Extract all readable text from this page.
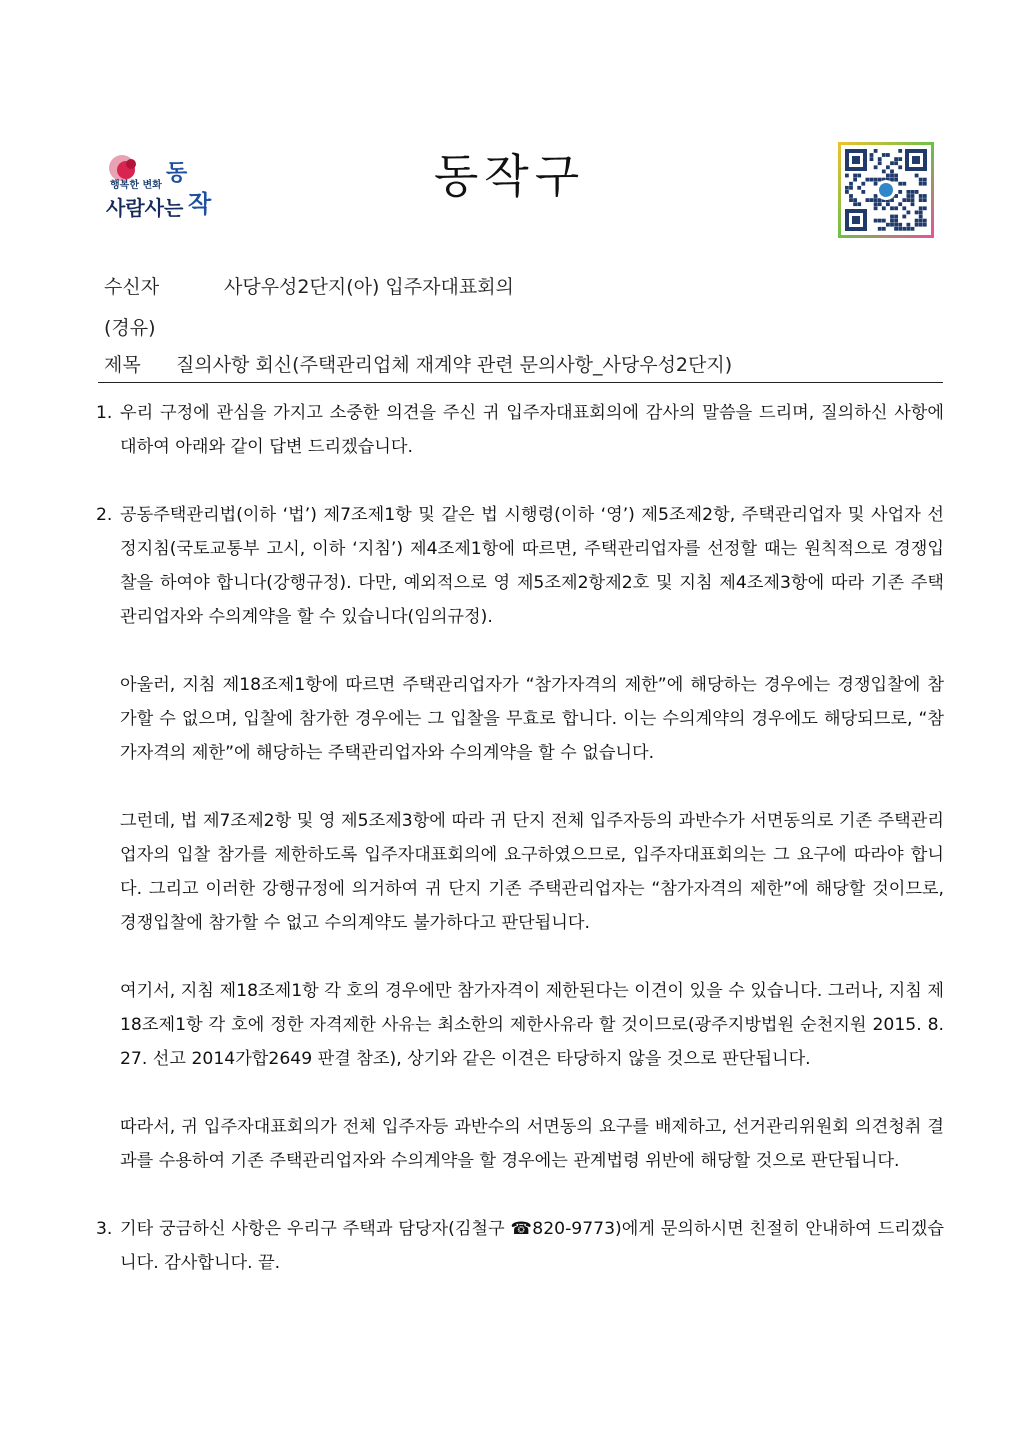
행복한 변화 동
사람사는 작
동작구
수신자	사당우성2단지(아) 입주자대표회의
(경유)
제목 질의사항 회신(주택관리업체 재계약 관련 문의사항_사당우성2단지)
1. 우리 구정에 관심을 가지고 소중한 의견을 주신 귀 입주자대표회의에 감사의 말씀을 드리며, 질의하신 사항에 대하여 아래와 같이 답변 드리겠습니다.
2. 공동주택관리법(이하 ‘법’) 제7조제1항 및 같은 법 시행령(이하 ‘영’) 제5조제2항, 주택관리업자 및 사업자 선정지침(국토교통부 고시, 이하 ‘지침’) 제4조제1항에 따르면, 주택관리업자를 선정할 때는 원칙적으로 경쟁입찰을 하여야 합니다(강행규정). 다만, 예외적으로 영 제5조제2항제2호 및 지침 제4조제3항에 따라 기존 주택관리업자와 수의계약을 할 수 있습니다(임의규정).
아울러, 지침 제18조제1항에 따르면 주택관리업자가 “참가자격의 제한”에 해당하는 경우에는 경쟁입찰에 참가할 수 없으며, 입찰에 참가한 경우에는 그 입찰을 무효로 합니다. 이는 수의계약의 경우에도 해당되므로, “참가자격의 제한”에 해당하는 주택관리업자와 수의계약을 할 수 없습니다.
그런데, 법 제7조제2항 및 영 제5조제3항에 따라 귀 단지 전체 입주자등의 과반수가 서면동의로 기존 주택관리업자의 입찰 참가를 제한하도록 입주자대표회의에 요구하였으므로, 입주자대표회의는 그 요구에 따라야 합니다. 그리고 이러한 강행규정에 의거하여 귀 단지 기존 주택관리업자는 “참가자격의 제한”에 해당할 것이므로, 경쟁입찰에 참가할 수 없고 수의계약도 불가하다고 판단됩니다.
여기서, 지침 제18조제1항 각 호의 경우에만 참가자격이 제한된다는 이견이 있을 수 있습니다. 그러나, 지침 제18조제1항 각 호에 정한 자격제한 사유는 최소한의 제한사유라 할 것이므로(광주지방법원 순천지원 2015. 8. 27. 선고 2014가합2649 판결 참조), 상기와 같은 이견은 타당하지 않을 것으로 판단됩니다.
따라서, 귀 입주자대표회의가 전체 입주자등 과반수의 서면동의 요구를 배제하고, 선거관리위원회 의견청취 결과를 수용하여 기존 주택관리업자와 수의계약을 할 경우에는 관계법령 위반에 해당할 것으로 판단됩니다.
3. 기타 궁금하신 사항은 우리구 주택과 담당자(김철구 ☎820-9773)에게 문의하시면 친절히 안내하여 드리겠습니다. 감사합니다. 끝.
